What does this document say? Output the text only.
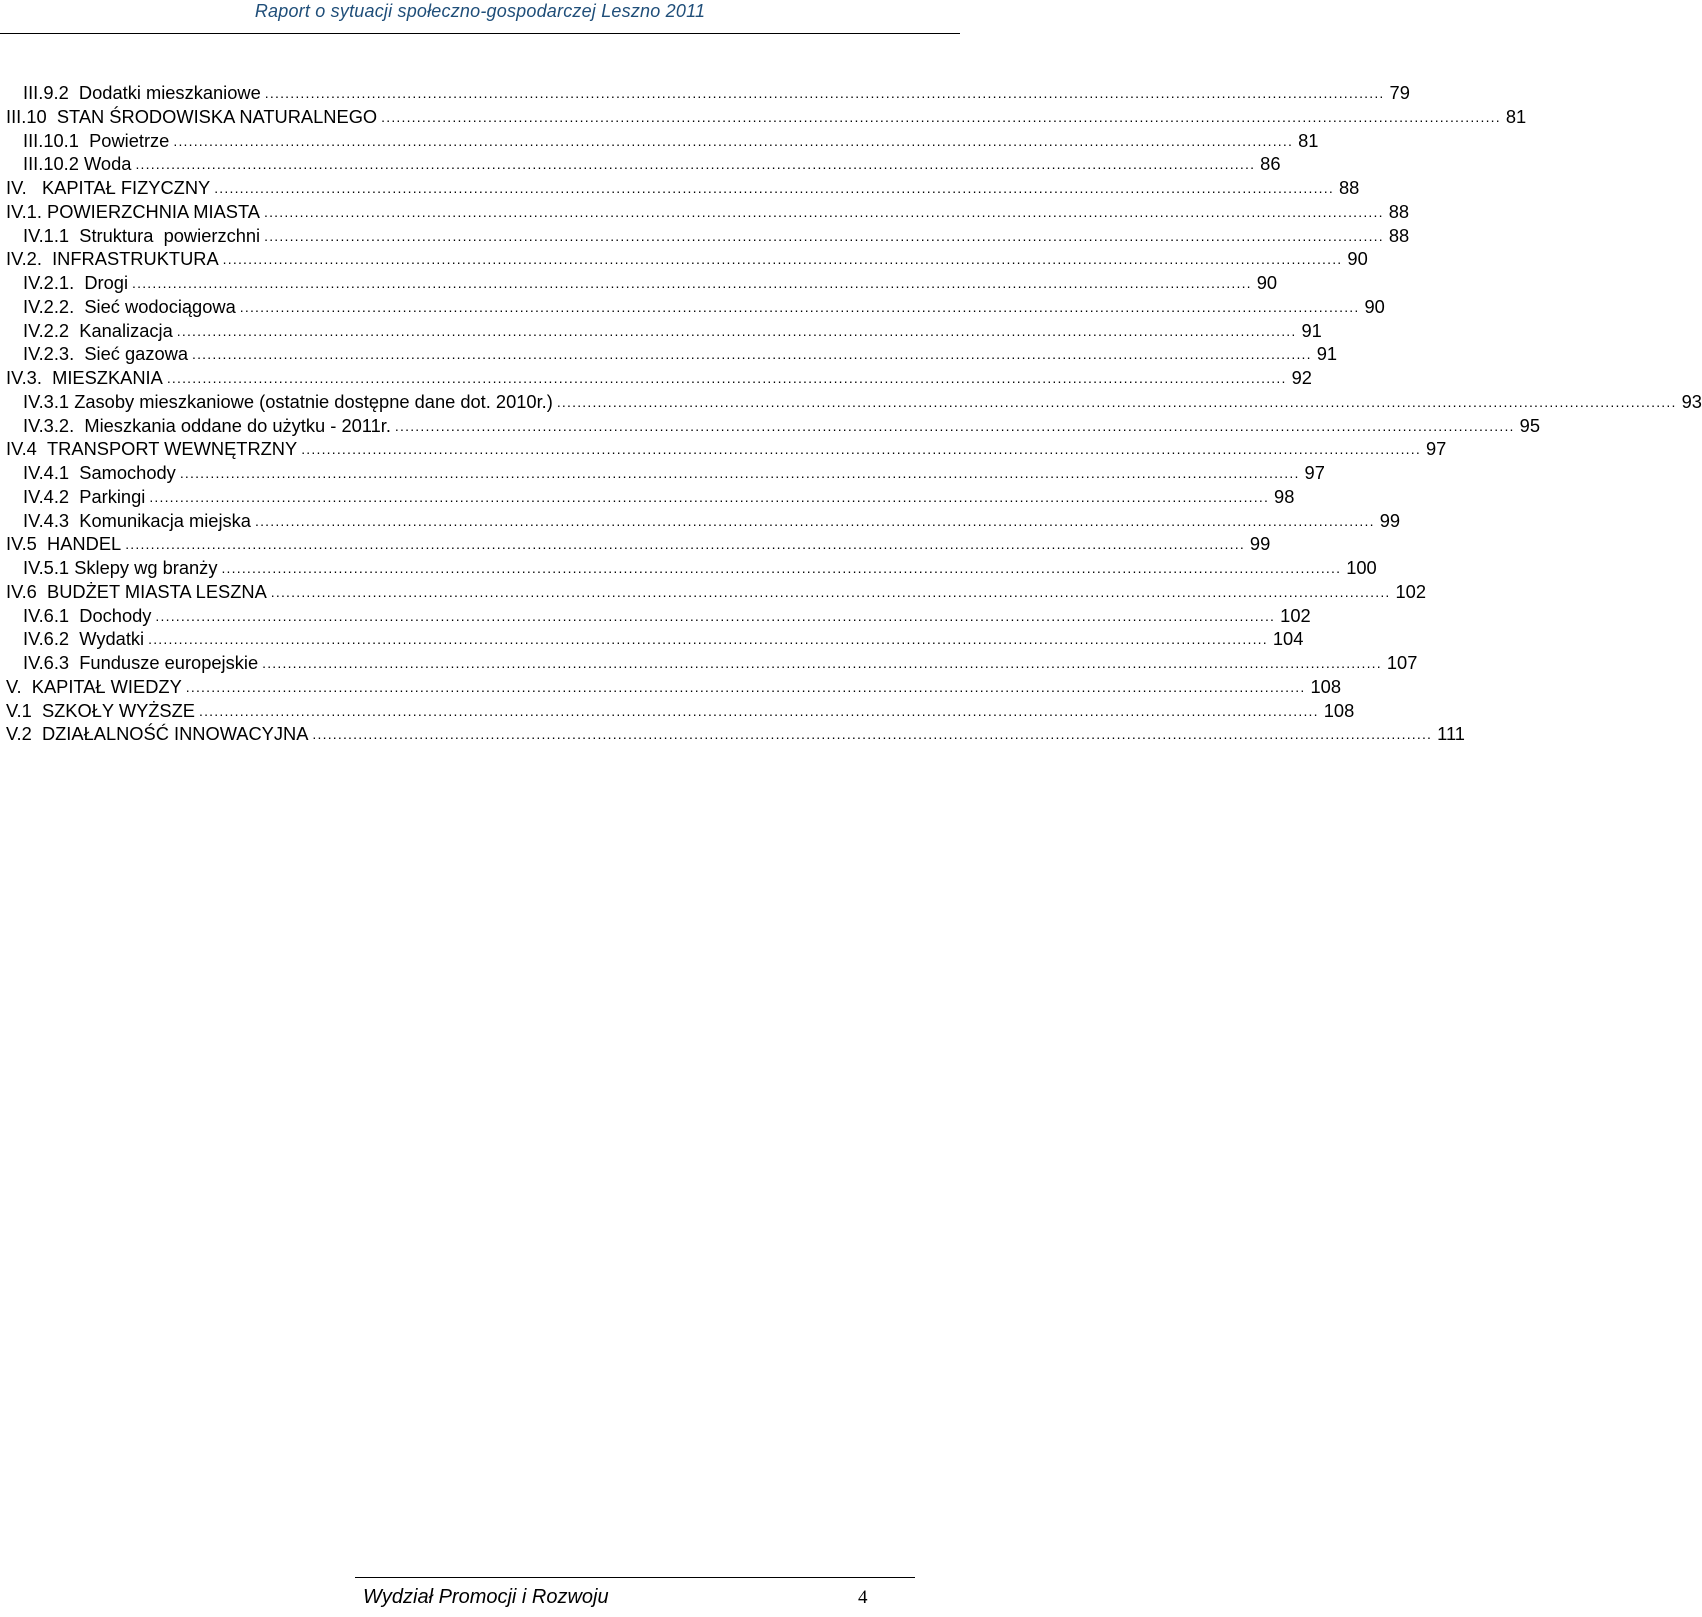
Raport o sytuacji społeczno-gospodarczej Leszno 2011
III.9.2
Dodatki mieszkaniowe ............................................................................................................................................................................................................................ 79
III.10
STAN ŚRODOWISKA NATURALNEGO ............................................................................................................................................................................................................................ 81
III.10.1
Powietrze ............................................................................................................................................................................................................................ 81
III.10.2
Woda ............................................................................................................................................................................................................................ 86
IV.
KAPITAŁ FIZYCZNY ............................................................................................................................................................................................................................ 88
IV.1.
POWIERZCHNIA MIASTA ............................................................................................................................................................................................................................ 88
IV.1.1
Struktura  powierzchni ............................................................................................................................................................................................................................ 88
IV.2.
INFRASTRUKTURA ............................................................................................................................................................................................................................ 90
IV.2.1.
Drogi ............................................................................................................................................................................................................................ 90
IV.2.2.
Sieć wodociągowa ............................................................................................................................................................................................................................ 90
IV.2.2
Kanalizacja ............................................................................................................................................................................................................................ 91
IV.2.3.
Sieć gazowa ............................................................................................................................................................................................................................ 91
IV.3.
MIESZKANIA ............................................................................................................................................................................................................................ 92
IV.3.1
Zasoby mieszkaniowe (ostatnie dostępne dane dot. 2010r.) ............................................................................................................................................................................................................................ 93
IV.3.2.
Mieszkania oddane do użytku - 2011r. ............................................................................................................................................................................................................................ 95
IV.4
TRANSPORT WEWNĘTRZNY ............................................................................................................................................................................................................................ 97
IV.4.1
Samochody ............................................................................................................................................................................................................................ 97
IV.4.2
Parkingi ............................................................................................................................................................................................................................ 98
IV.4.3
Komunikacja miejska ............................................................................................................................................................................................................................ 99
IV.5
HANDEL ............................................................................................................................................................................................................................ 99
IV.5.1
Sklepy wg branży ............................................................................................................................................................................................................................ 100
IV.6
BUDŻET MIASTA LESZNA ............................................................................................................................................................................................................................ 102
IV.6.1
Dochody ............................................................................................................................................................................................................................ 102
IV.6.2
Wydatki ............................................................................................................................................................................................................................ 104
IV.6.3
Fundusze europejskie ............................................................................................................................................................................................................................ 107
V.
KAPITAŁ WIEDZY ............................................................................................................................................................................................................................ 108
V.1
SZKOŁY WYŻSZE ............................................................................................................................................................................................................................ 108
V.2
DZIAŁALNOŚĆ INNOWACYJNA ............................................................................................................................................................................................................................ 111
Wydział Promocji i Rozwoju	4
